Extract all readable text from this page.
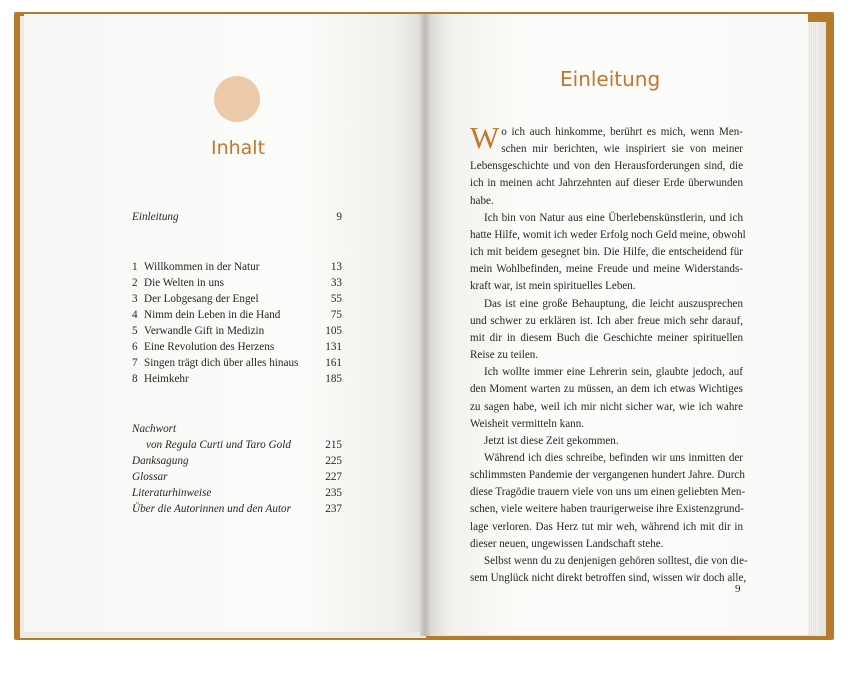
Inhalt
Einleitung	9
1 Willkommen in der Natur	13
2 Die Welten in uns	33
3 Der Lobgesang der Engel	55
4 Nimm dein Leben in die Hand	75
5 Verwandle Gift in Medizin	105
6 Eine Revolution des Herzens	131
7 Singen trägt dich über alles hinaus 161
8 Heimkehr	185
Nachwort
von Regula Curti und Taro Gold	215
Danksagung	225
Glossar	227
Literaturhinweise	235
Über die Autorinnen und den Autor	237
Einleitung
W o ich auch hinkomme, berührt es mich, wenn Men-

schen mir berichten, wie inspiriert sie von meiner

Lebensgeschichte und von den Herausforderungen sind, die

ich in meinen acht Jahrzehnten auf dieser Erde überwunden

habe.

Ich bin von Natur aus eine Überlebenskünstlerin, und ich

hatte Hilfe, womit ich weder Erfolg noch Geld meine, obwohl

ich mit beidem gesegnet bin. Die Hilfe, die entscheidend für

mein Wohlbefinden, meine Freude und meine Widerstands-

kraft war, ist mein spirituelles Leben.

Das ist eine große Behauptung, die leicht auszusprechen

und schwer zu erklären ist. Ich aber freue mich sehr darauf,

mit dir in diesem Buch die Geschichte meiner spirituellen

Reise zu teilen.

Ich wollte immer eine Lehrerin sein, glaubte jedoch, auf

den Moment warten zu müssen, an dem ich etwas Wichtiges

zu sagen habe, weil ich mir nicht sicher war, wie ich wahre

Weisheit vermitteln kann.

Jetzt ist diese Zeit gekommen.

Während ich dies schreibe, befinden wir uns inmitten der

schlimmsten Pandemie der vergangenen hundert Jahre. Durch

diese Tragödie trauern viele von uns um einen geliebten Men-

schen, viele weitere haben traurigerweise ihre Existenzgrund-

lage verloren. Das Herz tut mir weh, während ich mit dir in

dieser neuen, ungewissen Landschaft stehe.

Selbst wenn du zu denjenigen gehören solltest, die von die-

sem Unglück nicht direkt betroffen sind, wissen wir doch alle,

9
